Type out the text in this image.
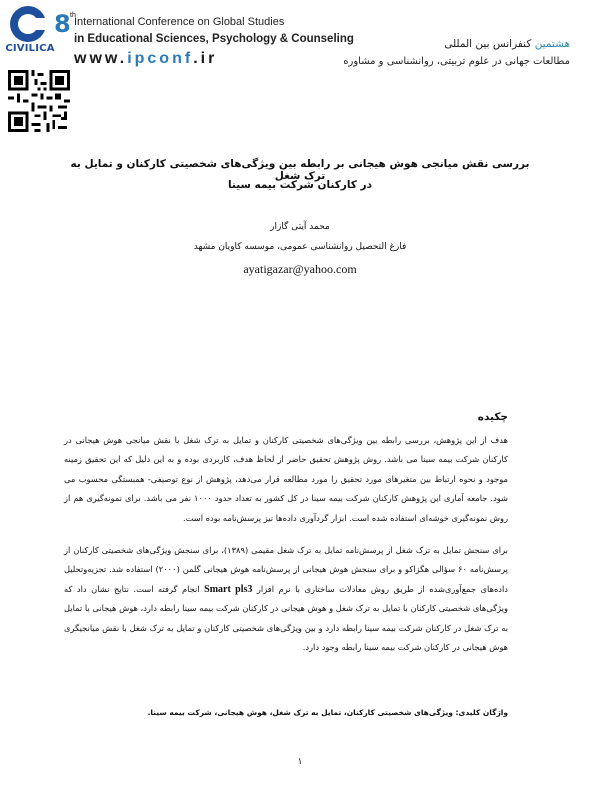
CIVILICA
8 th
International Conference on Global Studies
in Educational Sciences, Psychology & Counseling
www.ipconf.ir
هشتمین کنفرانس بین المللی
مطالعات جهانی در علوم تربیتی، روانشناسی و مشاوره
بررسی نقش میانجی هوش هیجانی بر رابطه بین ویژگی‌های شخصیتی کارکنان و تمایل به ترک شغل
در کارکنان شرکت بیمه سینا
محمد آیتی گازار
فارغ التحصیل روانشناسی عمومی، موسسه کاویان مشهد
ayatigazar@yahoo.com
چکیده
هدف از این پژوهش، بررسی رابطه بین ویژگی‌های شخصیتی کارکنان و تمایل به ترک شغل با نقش میانجی هوش هیجانی در کارکنان شرکت بیمه سینا می باشد. روش پژوهش تحقیق حاضر از لحاظ هدف، کاربردی بوده و به این دلیل که این تحقیق زمینه موجود و نحوه ارتباط بین متغیرهای مورد تحقیق را مورد مطالعه قرار می‌دهد، پژوهش از نوع توصیفی- همبستگی محسوب می شود. جامعه آماری این پژوهش کارکنان شرکت بیمه سینا در کل کشور به تعداد حدود ۱۰۰۰ نفر می باشد. برای نمونه‌گیری هم از روش نمونه‌گیری خوشه‌ای استفاده شده است. ابزار گردآوری داده‌ها نیز پرسش‌نامه بوده است.
برای سنجش تمایل به ترک شغل از پرسش‌نامه تمایل به ترک شغل مقیمی (۱۳۸۹)، برای سنجش ویژگی‌های شخصیتی کارکنان از پرسش‌نامه ۶۰ سؤالی هگزاکو و برای سنجش هوش هیجانی از پرسش‌نامه هوش هیجانی گلمن (۲۰۰۰) استفاده شد. تجزیه‌وتحلیل داده‌های جمع‌آوری‌شده از طریق روش معادلات ساختاری با نرم افزار Smart pls3 انجام گرفته است. نتایج نشان داد که ویژگی‌های شخصیتی کارکنان با تمایل به ترک شغل و هوش هیجانی در کارکنان شرکت بیمه سینا رابطه دارد، هوش هیجانی با تمایل به ترک شغل در کارکنان شرکت بیمه سینا رابطه دارد و بین ویژگی‌های شخصیتی کارکنان و تمایل به ترک شغل با نقش میانجیگری هوش هیجانی در کارکنان شرکت بیمه سینا رابطه وجود دارد.
واژگان کلیدی: ویژگی‌های شخصیتی کارکنان، تمایل به ترک شغل، هوش هیجانی، شرکت بیمه سینا.
۱
